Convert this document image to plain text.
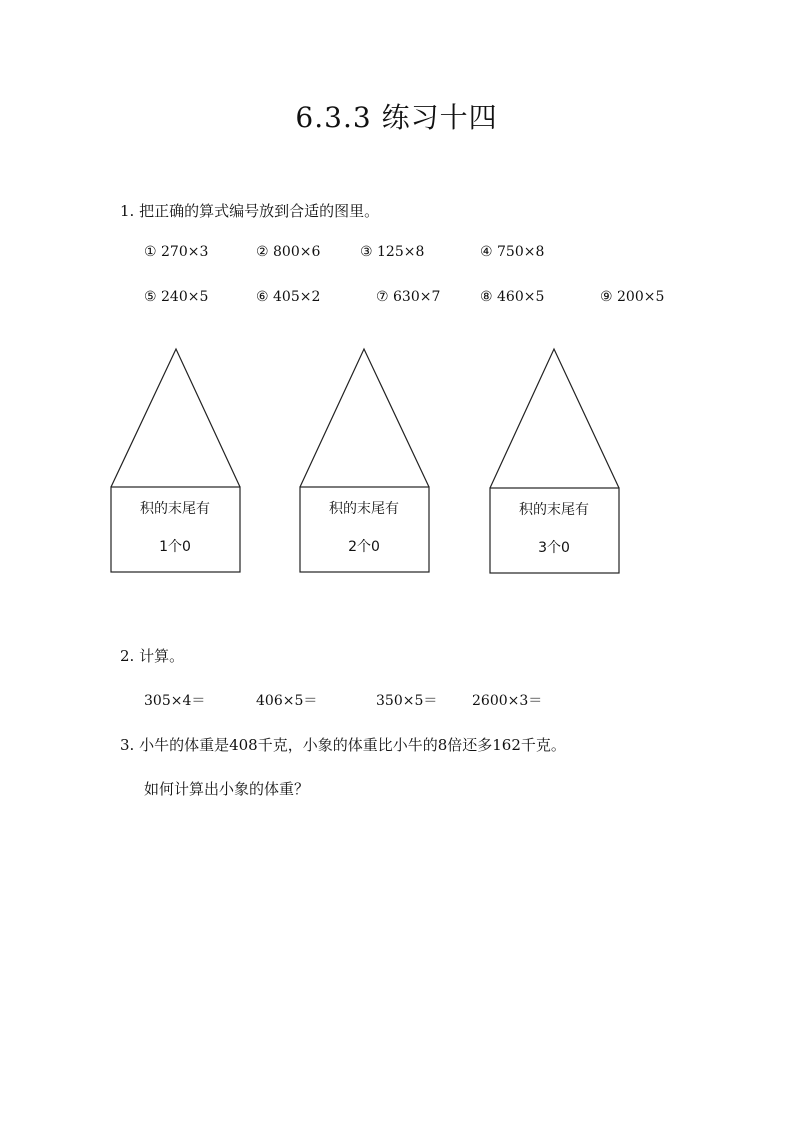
6.3.3 练习十四
1. 把正确的算式编号放到合适的图里。
① 270×3	② 800×6	③ 125×8	④ 750×8
⑤ 240×5	⑥ 405×2	⑦ 630×7	⑧ 460×5	⑨ 200×5
积的末尾有
1个0
积的末尾有
2个0
积的末尾有
3个0
2. 计算。
305×4＝	406×5＝	350×5＝ 2600×3＝
3. 小牛的体重是408千克，小象的体重比小牛的8倍还多162千克。
如何计算出小象的体重？
